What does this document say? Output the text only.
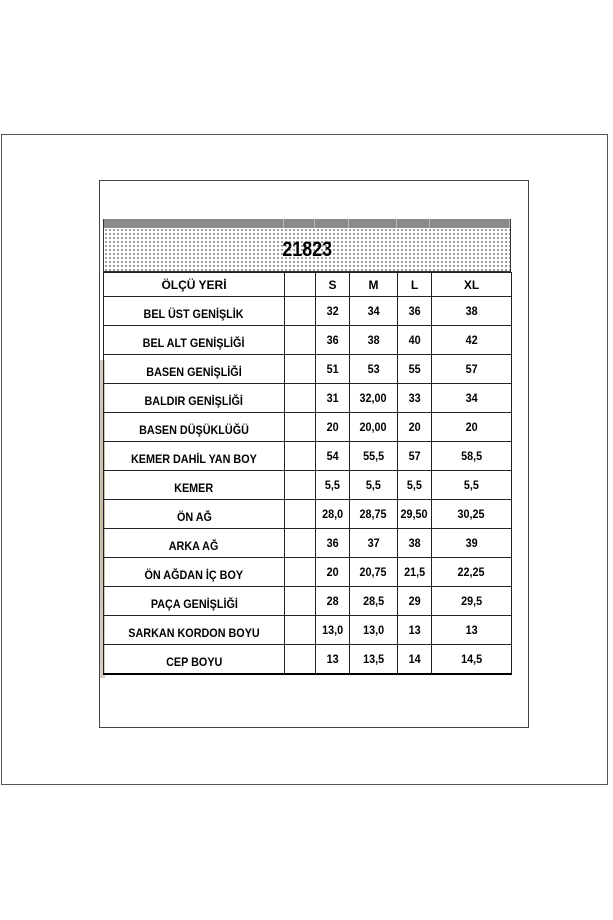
21823
ÖLÇÜ YERİ		S	M	L	XL
BEL ÜST GENİŞLİK		32	34	36	38
BEL ALT GENİŞLİĞİ		36	38	40	42
BASEN GENİŞLİĞİ		51	53	55	57
BALDIR GENİŞLİĞİ		31	32,00	33	34
BASEN DÜŞÜKLÜĞÜ		20	20,00	20	20
KEMER DAHİL YAN BOY		54	55,5	57	58,5
KEMER		5,5	5,5	5,5	5,5
ÖN AĞ		28,0	28,75	29,50	30,25
ARKA AĞ		36	37	38	39
ÖN AĞDAN İÇ BOY		20	20,75	21,5	22,25
PAÇA GENİŞLİĞİ		28	28,5	29	29,5
SARKAN KORDON BOYU		13,0	13,0	13	13
CEP BOYU		13	13,5	14	14,5
